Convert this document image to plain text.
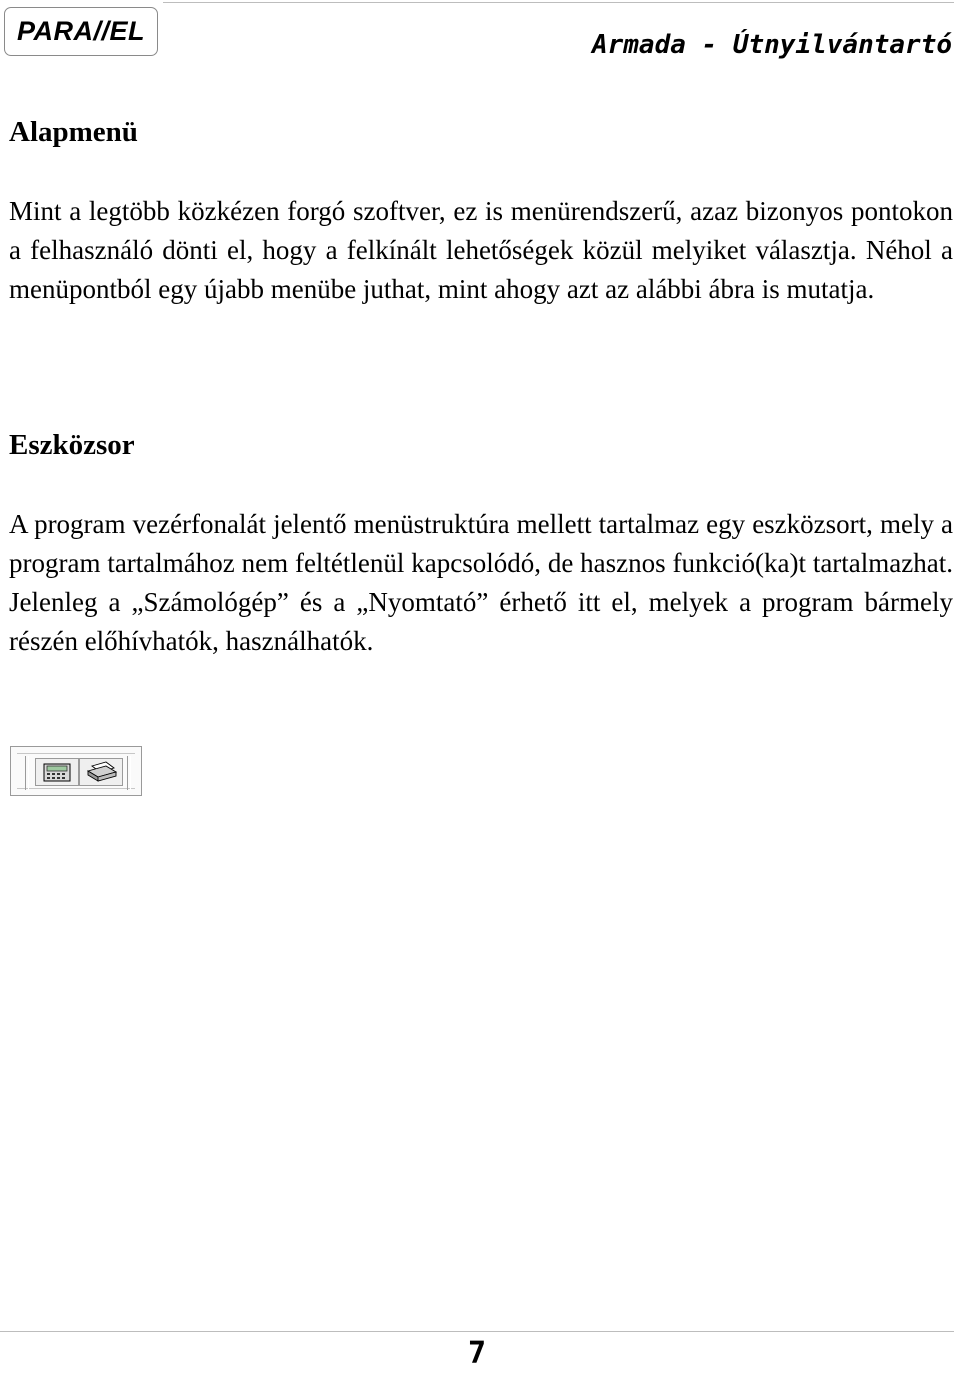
PARA//EL	Armada - Útnyilvántartó
Alapmenü

Mint a legtöbb közkézen forgó szoftver, ez is menürendszerű, azaz bizonyos pontokon a felhasználó dönti el, hogy a felkínált lehetőségek közül melyiket választja. Néhol a menüpontból egy újabb menübe juthat, mint ahogy azt az alábbi ábra is mutatja.

Eszközsor

A program vezérfonalát jelentő menüstruktúra mellett tartalmaz egy eszközsort, mely a program tartalmához nem feltétlenül kapcsolódó, de hasznos funkció(ka)t tartalmazhat. Jelenleg a „Számológép” és a „Nyomtató” érhető itt el, melyek a program bármely részén előhívhatók, használhatók.

7
